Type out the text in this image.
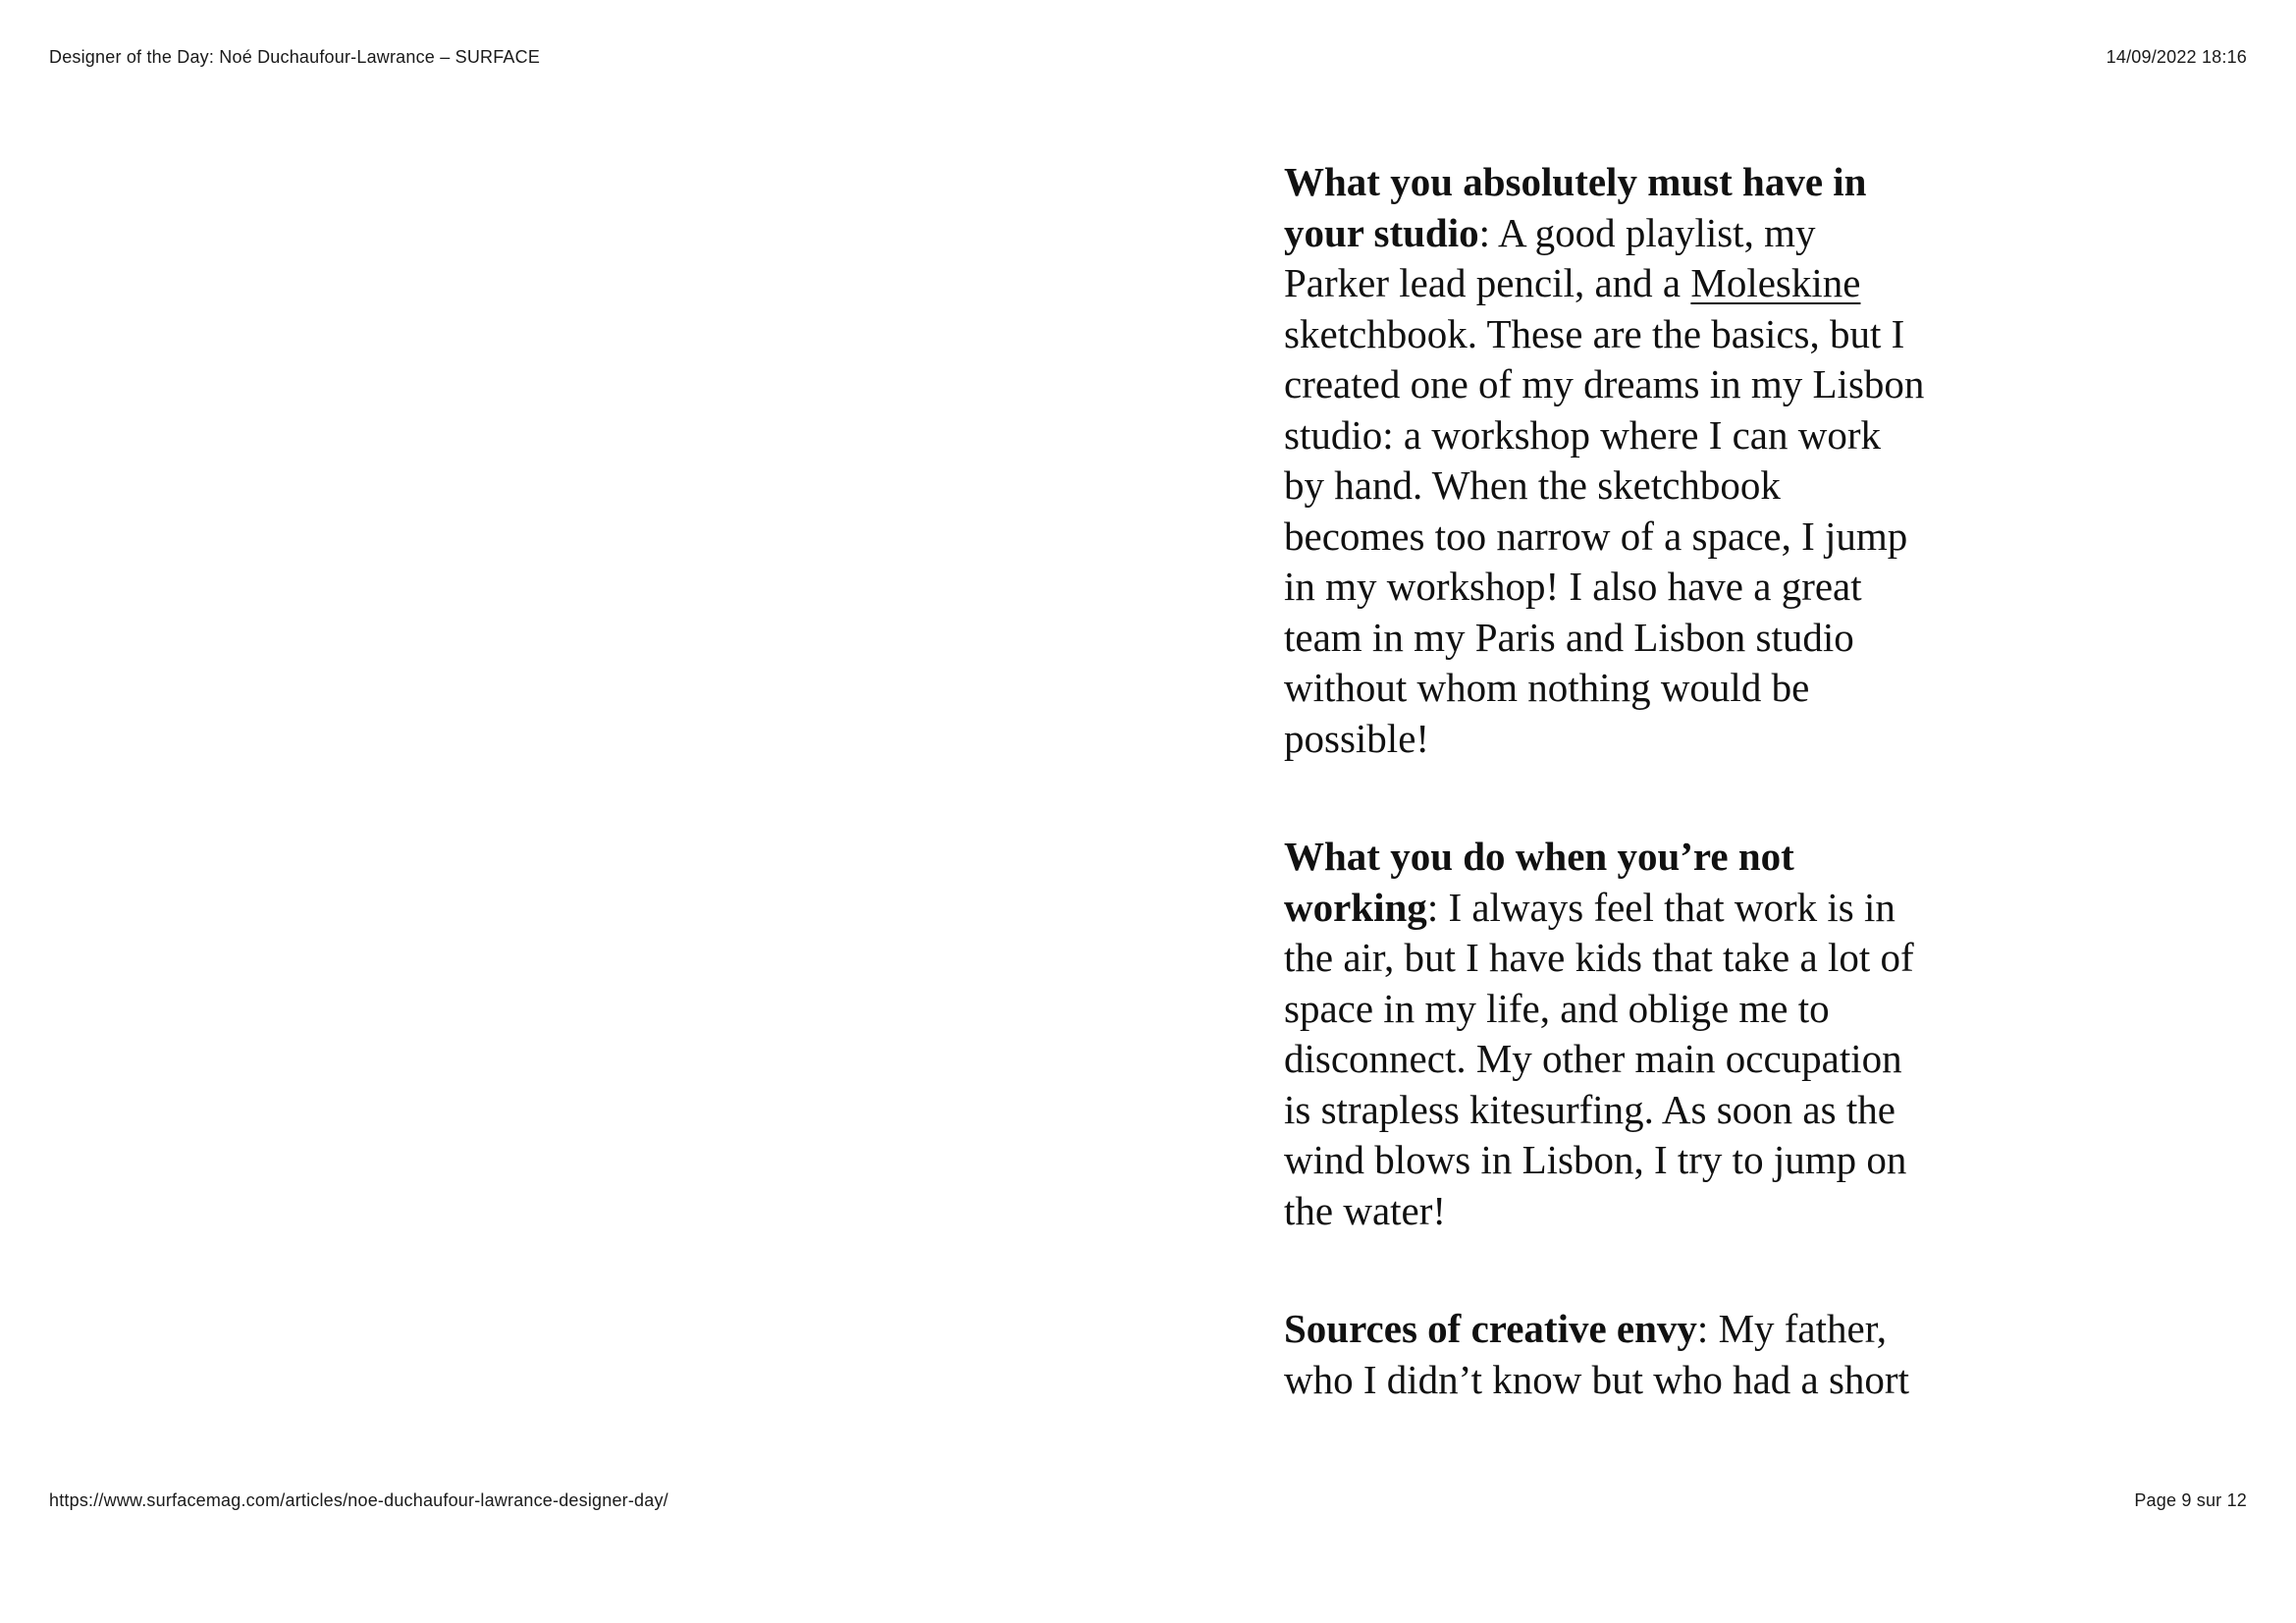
Designer of the Day: Noé Duchaufour-Lawrance – SURFACE	14/09/2022 18:16

What you absolutely must have in
your studio: A good playlist, my
Parker lead pencil, and a Moleskine
sketchbook. These are the basics, but I
created one of my dreams in my Lisbon
studio: a workshop where I can work
by hand. When the sketchbook
becomes too narrow of a space, I jump
in my workshop! I also have a great
team in my Paris and Lisbon studio
without whom nothing would be
possible!

What you do when you’re not
working: I always feel that work is in
the air, but I have kids that take a lot of
space in my life, and oblige me to
disconnect. My other main occupation
is strapless kitesurfing. As soon as the
wind blows in Lisbon, I try to jump on
the water!

Sources of creative envy: My father,
who I didn’t know but who had a short

https://www.surfacemag.com/articles/noe-duchaufour-lawrance-designer-day/	Page 9 sur 12
